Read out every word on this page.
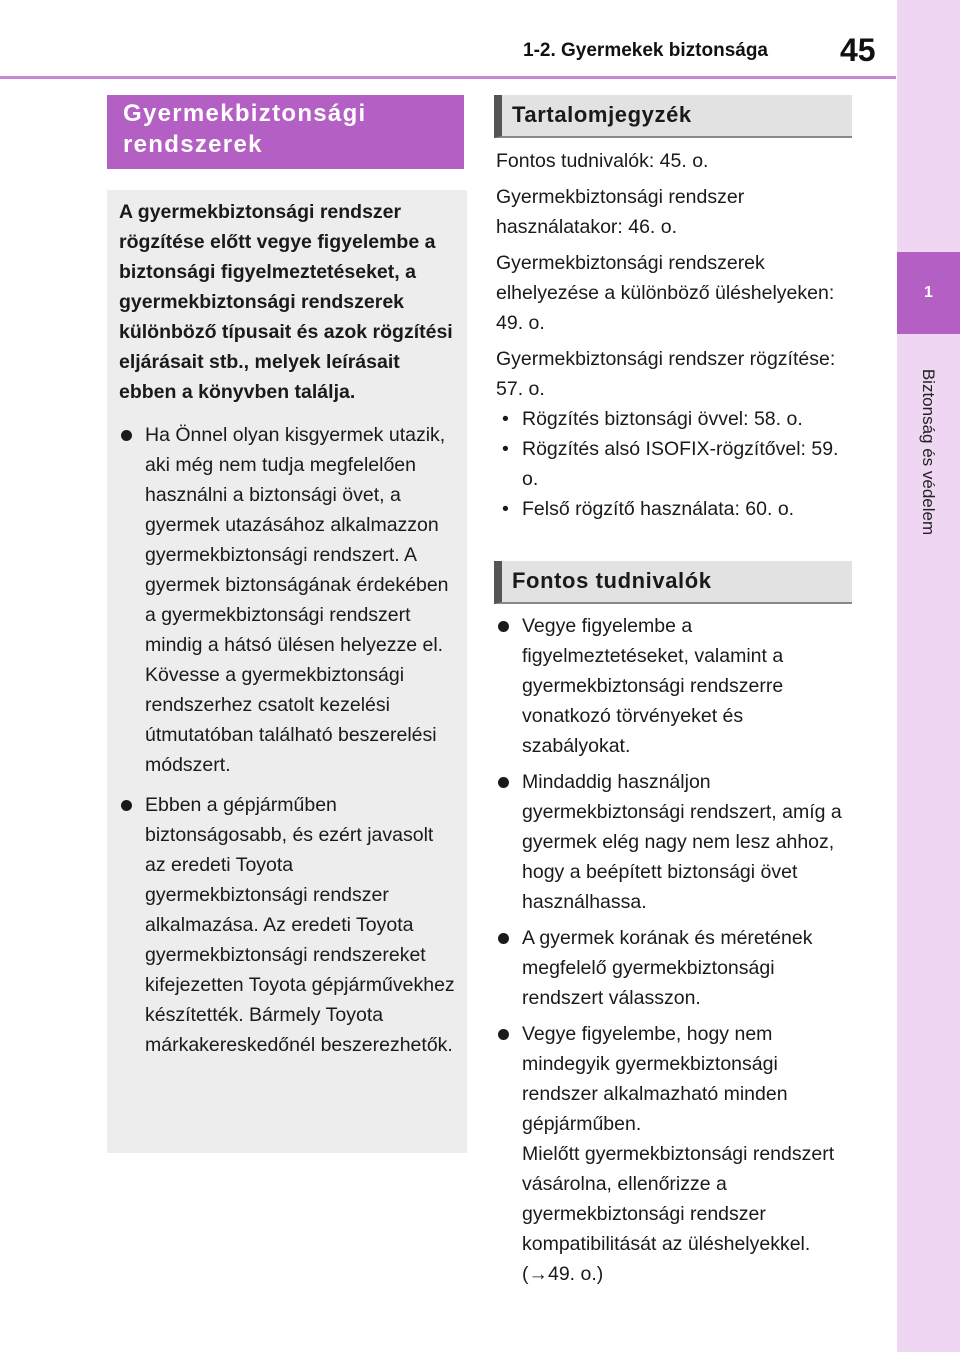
1-2. Gyermekek biztonsága 45
1
Biztonság és védelem
Gyermekbiztonsági rendszerek

A gyermekbiztonsági rendszer rögzítése előtt vegye figyelembe a biztonsági figyelmeztetéseket, a gyermekbiztonsági rendszerek különböző típusait és azok rögzítési eljárásait stb., melyek leírásait ebben a könyvben találja.

Ha Önnel olyan kisgyermek utazik, aki még nem tudja megfelelően használni a biztonsági övet, a gyermek utazásához alkalmazzon gyermekbiztonsági rendszert. A gyermek biztonságának érdekében a gyermekbiztonsági rendszert mindig a hátsó ülésen helyezze el. Kövesse a gyermekbiztonsági rendszerhez csatolt kezelési útmutatóban található beszerelési módszert.
Ebben a gépjárműben biztonságosabb, és ezért javasolt az eredeti Toyota gyermekbiztonsági rendszer alkalmazása. Az eredeti Toyota gyermekbiztonsági rendszereket kifejezetten Toyota gépjárművekhez készítették. Bármely Toyota márkakereskedőnél beszerezhetők.
Tartalomjegyzék

Fontos tudnivalók: 45. o.

Gyermekbiztonsági rendszer használatakor: 46. o.

Gyermekbiztonsági rendszerek elhelyezése a különböző üléshelyeken: 49. o.

Gyermekbiztonsági rendszer rögzítése: 57. o.

• Rögzítés biztonsági övvel: 58. o.
• Rögzítés alsó ISOFIX-rögzítővel: 59. o.
• Felső rögzítő használata: 60. o.
Fontos tudnivalók
Vegye figyelembe a figyelmeztetéseket, valamint a gyermekbiztonsági rendszerre vonatkozó törvényeket és szabályokat.
Mindaddig használjon gyermekbiztonsági rendszert, amíg a gyermek elég nagy nem lesz ahhoz, hogy a beépített biztonsági övet használhassa.
A gyermek korának és méretének megfelelő gyermekbiztonsági rendszert válasszon.
Vegye figyelembe, hogy nem mindegyik gyermekbiztonsági rendszer alkalmazható minden gépjárműben.
Mielőtt gyermekbiztonsági rendszert vásárolna, ellenőrizze a gyermekbiztonsági rendszer kompatibilitását az üléshelyekkel. (→49. o.)
